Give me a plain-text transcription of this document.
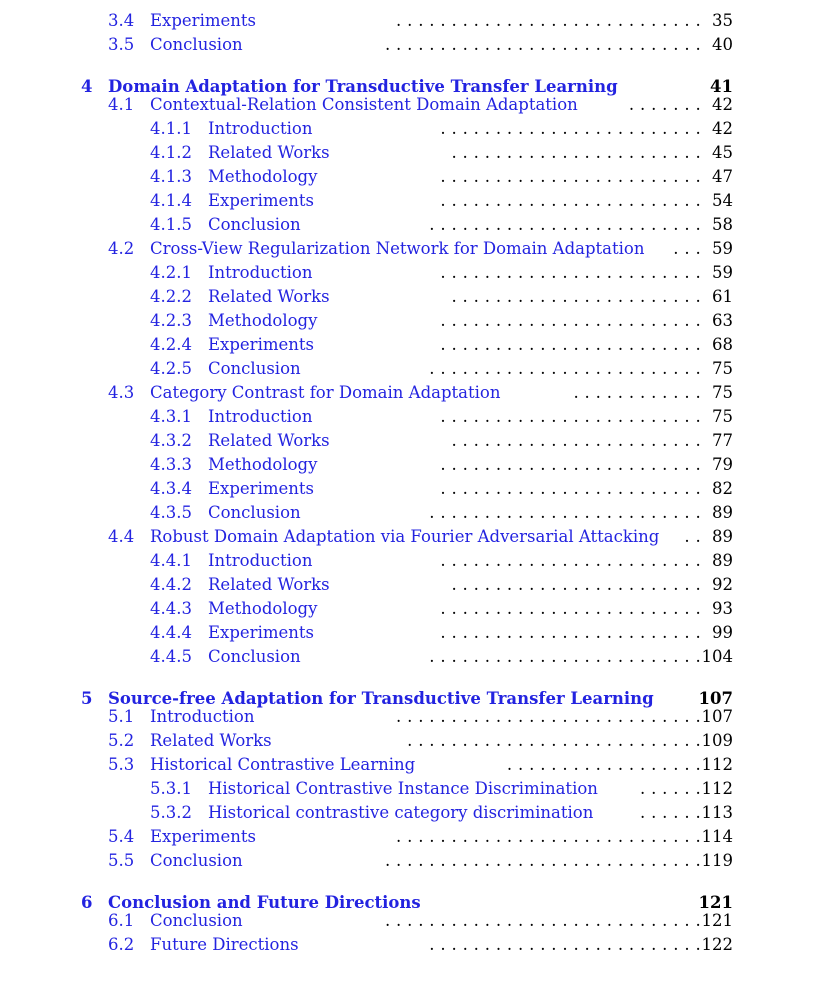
3.4 Experiments	. . . . . . . . . . . . . . . . . . . . . . . . . . . . 35
3.5 Conclusion	. . . . . . . . . . . . . . . . . . . . . . . . . . . . . 40
4 Domain Adaptation for Transductive Transfer Learning	41
4.1 Contextual-Relation Consistent Domain Adaptation	. . . . . . . 42
4.1.1 Introduction	. . . . . . . . . . . . . . . . . . . . . . . . 42
4.1.2 Related Works	. . . . . . . . . . . . . . . . . . . . . . . 45
4.1.3 Methodology	. . . . . . . . . . . . . . . . . . . . . . . . 47
4.1.4 Experiments	. . . . . . . . . . . . . . . . . . . . . . . . 54
4.1.5 Conclusion	. . . . . . . . . . . . . . . . . . . . . . . . . 58
4.2 Cross-View Regularization Network for Domain Adaptation	. . . 59
4.2.1 Introduction	. . . . . . . . . . . . . . . . . . . . . . . . 59
4.2.2 Related Works	. . . . . . . . . . . . . . . . . . . . . . . 61
4.2.3 Methodology	. . . . . . . . . . . . . . . . . . . . . . . . 63
4.2.4 Experiments	. . . . . . . . . . . . . . . . . . . . . . . . 68
4.2.5 Conclusion	. . . . . . . . . . . . . . . . . . . . . . . . . 75
4.3 Category Contrast for Domain Adaptation	. . . . . . . . . . . . 75
4.3.1 Introduction	. . . . . . . . . . . . . . . . . . . . . . . . 75
4.3.2 Related Works	. . . . . . . . . . . . . . . . . . . . . . . 77
4.3.3 Methodology	. . . . . . . . . . . . . . . . . . . . . . . . 79
4.3.4 Experiments	. . . . . . . . . . . . . . . . . . . . . . . . 82
4.3.5 Conclusion	. . . . . . . . . . . . . . . . . . . . . . . . . 89
4.4 Robust Domain Adaptation via Fourier Adversarial Attacking	. . 89
4.4.1 Introduction	. . . . . . . . . . . . . . . . . . . . . . . . 89
4.4.2 Related Works	. . . . . . . . . . . . . . . . . . . . . . . 92
4.4.3 Methodology	. . . . . . . . . . . . . . . . . . . . . . . . 93
4.4.4 Experiments	. . . . . . . . . . . . . . . . . . . . . . . . 99
4.4.5 Conclusion	. . . . . . . . . . . . . . . . . . . . . . . . . 104
5 Source-free Adaptation for Transductive Transfer Learning	107
5.1 Introduction	. . . . . . . . . . . . . . . . . . . . . . . . . . . . 107
5.2 Related Works	. . . . . . . . . . . . . . . . . . . . . . . . . . . 109
5.3 Historical Contrastive Learning	. . . . . . . . . . . . . . . . . . 112
5.3.1 Historical Contrastive Instance Discrimination	. . . . . . 112
5.3.2 Historical contrastive category discrimination	. . . . . . 113
5.4 Experiments	. . . . . . . . . . . . . . . . . . . . . . . . . . . . 114
5.5 Conclusion	. . . . . . . . . . . . . . . . . . . . . . . . . . . . . 119
6 Conclusion and Future Directions	121
6.1 Conclusion	. . . . . . . . . . . . . . . . . . . . . . . . . . . . . 121
6.2 Future Directions	. . . . . . . . . . . . . . . . . . . . . . . . . 122
